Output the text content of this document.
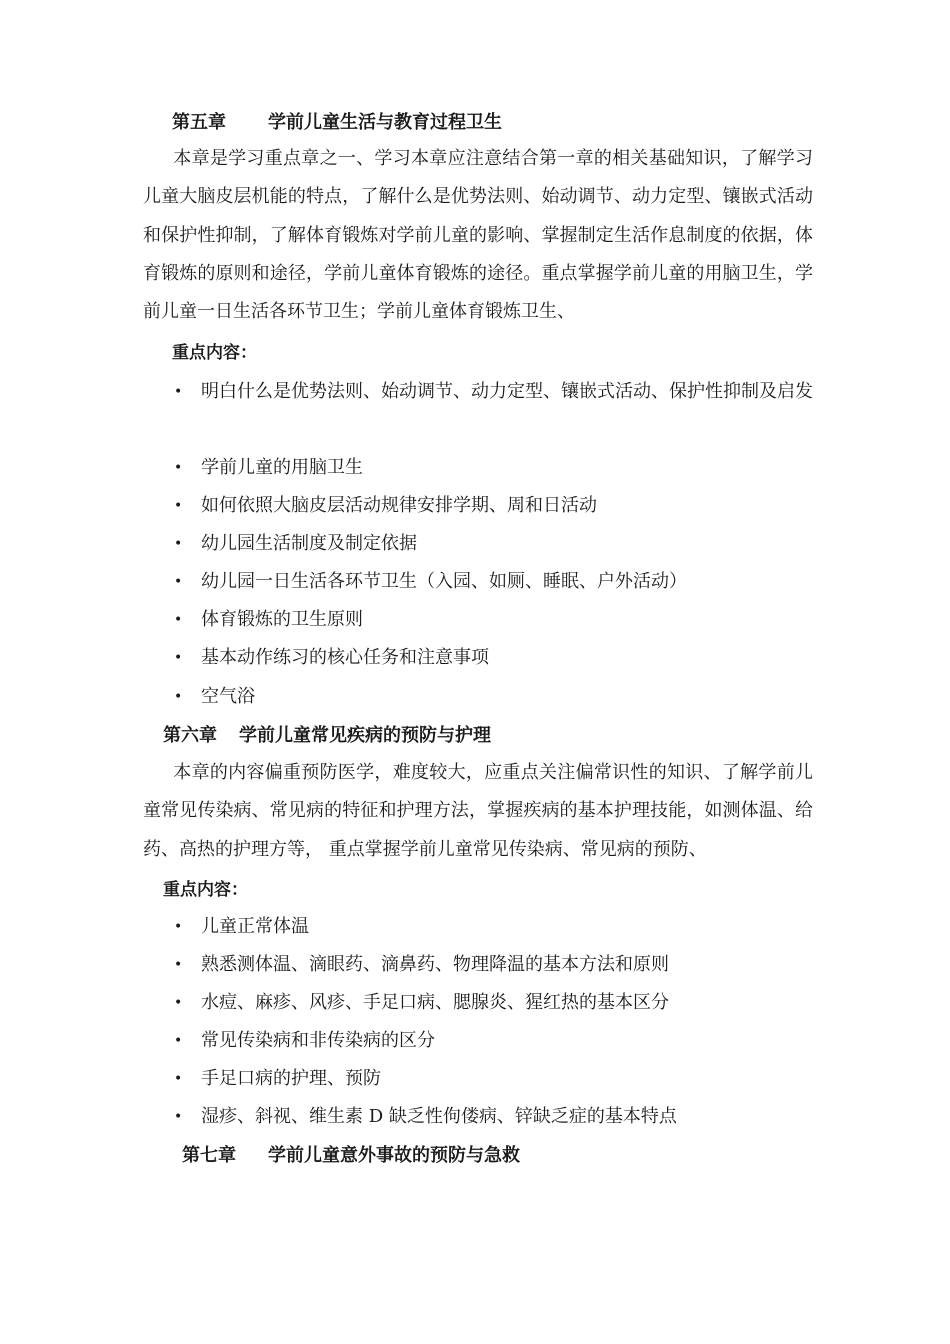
第五章 学前儿童生活与教育过程卫生
本章是学习重点章之一、学习本章应注意结合第一章的相关基础知识，了解学习儿童大脑皮层机能的特点，了解什么是优势法则、始动调节、动力定型、镶嵌式活动和保护性抑制，了解体育锻炼对学前儿童的影响、掌握制定生活作息制度的依据，体育锻炼的原则和途径，学前儿童体育锻炼的途径。重点掌握学前儿童的用脑卫生，学前儿童一日生活各环节卫生；学前儿童体育锻炼卫生、
重点内容：
• 明白什么是优势法则、始动调节、动力定型、镶嵌式活动、保护性抑制及启发
• 学前儿童的用脑卫生
• 如何依照大脑皮层活动规律安排学期、周和日活动
• 幼儿园生活制度及制定依据
• 幼儿园一日生活各环节卫生（入园、如厕、睡眠、户外活动）
• 体育锻炼的卫生原则
• 基本动作练习的核心任务和注意事项
• 空气浴
第六章 学前儿童常见疾病的预防与护理
本章的内容偏重预防医学，难度较大，应重点关注偏常识性的知识、了解学前儿童常见传染病、常见病的特征和护理方法，掌握疾病的基本护理技能，如测体温、给药、高热的护理方等， 重点掌握学前儿童常见传染病、常见病的预防、
重点内容：
• 儿童正常体温
• 熟悉测体温、滴眼药、滴鼻药、物理降温的基本方法和原则
• 水痘、麻疹、风疹、手足口病、腮腺炎、猩红热的基本区分
• 常见传染病和非传染病的区分
• 手足口病的护理、预防
• 湿疹、斜视、维生素 D 缺乏性佝偻病、锌缺乏症的基本特点
第七章 学前儿童意外事故的预防与急救
